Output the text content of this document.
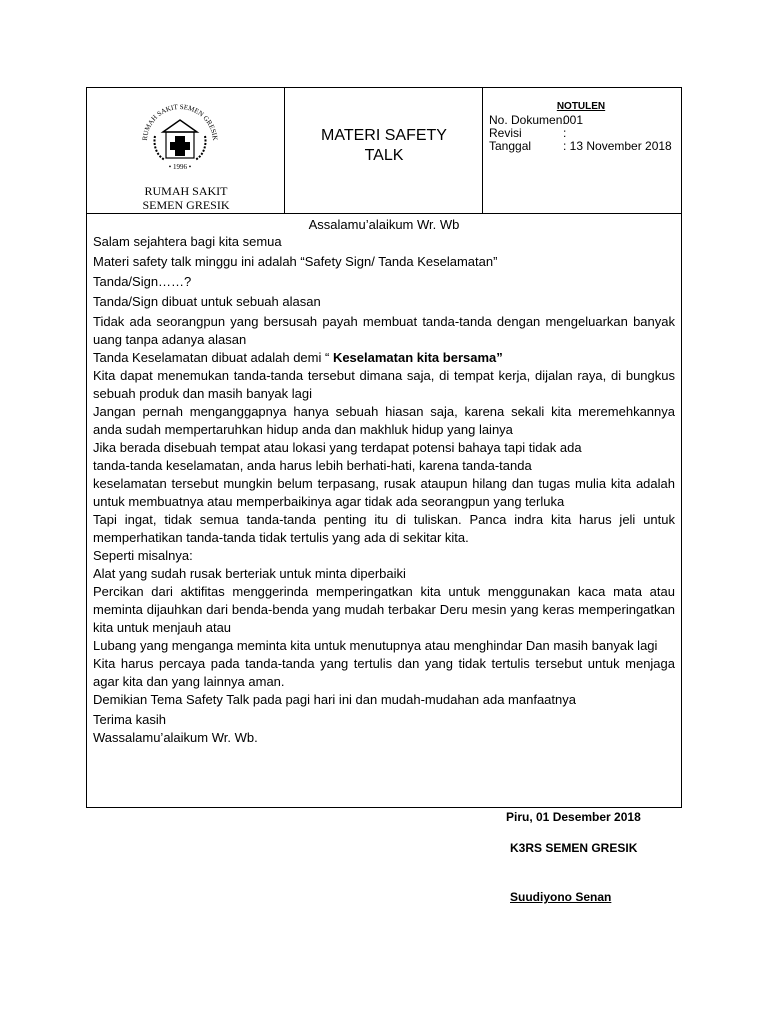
RUMAH SAKIT SEMEN GRESIK
• 1996 •
RUMAH SAKIT
SEMEN GRESIK
MATERI SAFETY
TALK
NOTULEN
No. Dokumen:001
Revisi	:
Tanggal	: 13 November 2018
Assalamu’alaikum Wr. Wb

Salam sejahtera bagi kita semua

Materi safety talk minggu ini adalah “Safety Sign/ Tanda Keselamatan”

Tanda/Sign……?

Tanda/Sign dibuat untuk sebuah alasan

Tidak ada seorangpun yang bersusah payah membuat tanda-tanda dengan mengeluarkan banyak uang tanpa adanya alasan

Tanda Keselamatan dibuat adalah demi “ Keselamatan kita bersama”

Kita dapat menemukan tanda-tanda tersebut dimana saja, di tempat kerja, dijalan raya, di bungkus sebuah produk dan masih banyak lagi

Jangan pernah menganggapnya hanya sebuah hiasan saja, karena sekali kita meremehkannya anda sudah mempertaruhkan hidup anda dan makhluk hidup yang lainya

Jika berada disebuah tempat atau lokasi yang terdapat potensi bahaya tapi tidak ada

tanda-tanda keselamatan, anda harus lebih berhati-hati, karena tanda-tanda

keselamatan tersebut mungkin belum terpasang, rusak ataupun hilang dan tugas mulia kita adalah untuk membuatnya atau memperbaikinya agar tidak ada seorangpun yang terluka

Tapi ingat, tidak semua tanda-tanda penting itu di tuliskan. Panca indra kita harus jeli untuk memperhatikan tanda-tanda tidak tertulis yang ada di sekitar kita.

Seperti misalnya:

Alat yang sudah rusak berteriak untuk minta diperbaiki

Percikan dari aktifitas menggerinda memperingatkan kita untuk menggunakan kaca mata atau meminta dijauhkan dari benda-benda yang mudah terbakar Deru mesin yang keras memperingatkan kita untuk menjauh atau

Lubang yang menganga meminta kita untuk menutupnya atau menghindar Dan masih banyak lagi

Kita harus percaya pada tanda-tanda yang tertulis dan yang tidak tertulis tersebut untuk menjaga agar kita dan yang lainnya aman.

Demikian Tema Safety Talk pada pagi hari ini dan mudah-mudahan ada manfaatnya

Terima kasih

Wassalamu’alaikum Wr. Wb.

Piru, 01 Desember 2018
K3RS SEMEN GRESIK
Suudiyono Senan
